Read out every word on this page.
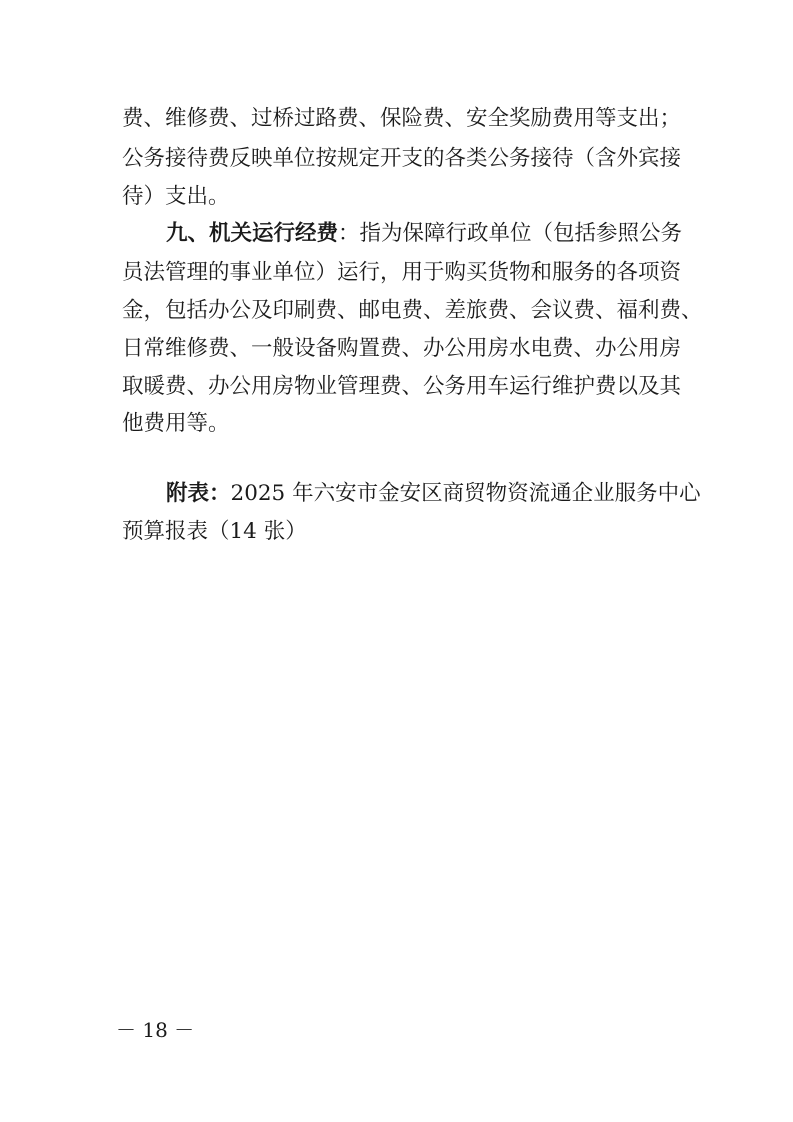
费、维修费、过桥过路费、保险费、安全奖励费用等支出；
公务接待费反映单位按规定开支的各类公务接待（含外宾接
待）支出。
九、机关运行经费：指为保障行政单位（包括参照公务
员法管理的事业单位）运行，用于购买货物和服务的各项资
金，包括办公及印刷费、邮电费、差旅费、会议费、福利费、
日常维修费、一般设备购置费、办公用房水电费、办公用房
取暖费、办公用房物业管理费、公务用车运行维护费以及其
他费用等。
附表：2025 年六安市金安区商贸物资流通企业服务中心
预算报表（14 张）
－ 18 －
